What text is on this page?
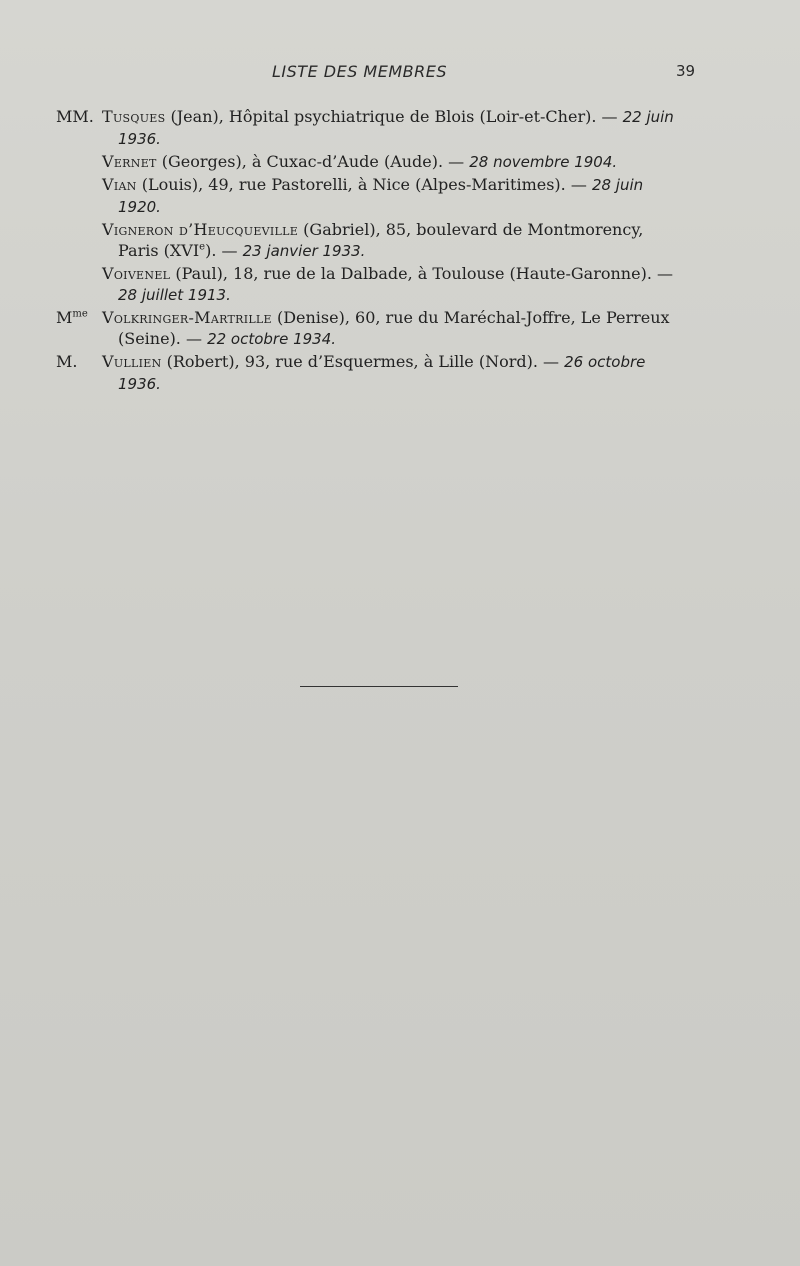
LISTE DES MEMBRES	39
MM. Tusques (Jean), Hôpital psychiatrique de Blois (Loir-et-Cher). — 22 juin
1936.
Vernet (Georges), à Cuxac-d’Aude (Aude). — 28 novembre 1904.
Vian (Louis), 49, rue Pastorelli, à Nice (Alpes-Maritimes). — 28 juin
1920.
Vigneron d’Heucqueville (Gabriel), 85, boulevard de Montmorency,
Paris (XVIe). — 23 janvier 1933.
Voivenel (Paul), 18, rue de la Dalbade, à Toulouse (Haute-Garonne). —
28 juillet 1913.
$M^{me}$ Volkringer-Martrille (Denise), 60, rue du Maréchal-Joffre, Le Perreux
(Seine). — 22 octobre 1934.
M.	Vullien (Robert), 93, rue d’Esquermes, à Lille (Nord). — 26 octobre
1936.
